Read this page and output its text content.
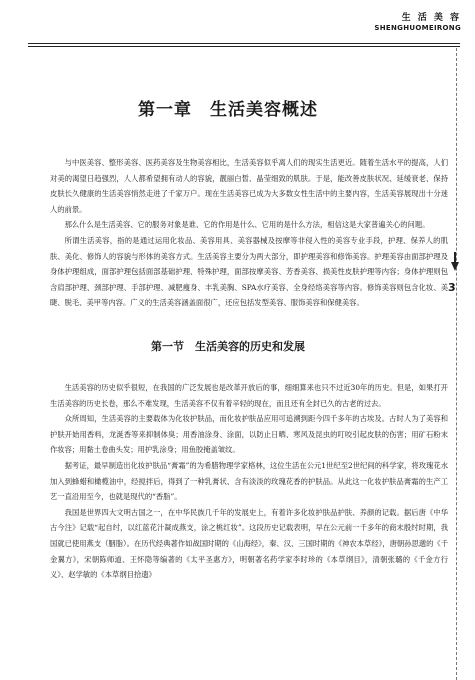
生 活 美 容
SHENGHUOMEIRONG
3
第一章　生活美容概述

与中医美容、整形美容、医药美容及生物美容相比，生活美容似乎离人们的现实生活更近。随着生活水平的提高，人们对美的渴望日趋强烈，人人都希望拥有动人的容貌，靓丽白皙、晶莹细致的肌肤。于是，能改善皮肤状况、延缓衰老、保持皮肤长久健康的生活美容悄然走进了千家万户。现在生活美容已成为大多数女性生活中的主要内容，生活美容展现出十分迷人的前景。

那么什么是生活美容、它的服务对象是谁、它的作用是什么、它用的是什么方法，相信这是大家普遍关心的问题。

所谓生活美容，指的是通过运用化妆品、美容用具、美容器械及按摩等非侵入性的美容专业手段，护理、保养人的肌肤、美化、修饰人的容貌与形体的美容方式。生活美容主要分为两大部分，即护理美容和修饰美容。护理美容由面部护理及身体护理组成，面部护理包括面部基础护理、特殊护理，面部按摩美容、芳香美容、损美性皮肤护理等内容；身体护理则包含肩部护理、颈部护理、手部护理、减肥瘦身、丰乳美胸、SPA水疗美容、全身经络美容等内容。修饰美容则包含化妆、美睫、脱毛、美甲等内容。广义的生活美容涵盖面很广，还应包括发型美容、服饰美容和保健美容。

第一节　生活美容的历史和发展

生活美容的历史似乎很短，在我国的广泛发展也是改革开放后的事，细细算来也只不过近30年的历史。但是，如果打开生活美容的历史长卷，那么不难发现，生活美容不仅有着辛轻的现在，而且还有全封已久的古老的过去。

众所周知，生活美容的主要载体为化妆护肤品，而化妆护肤品应用可追溯到距今四千多年的古埃及。古时人为了美容和护肤开始用香料，龙涎香等来抑制体臭；用香油涂身、涂面，以防止日晒、寒风及昆虫的叮咬引起皮肤的伤害；用矿石粉末作妆容；用黏土卷曲头发；用护乳涂身；用鱼胶掩盖皱纹。

据考证，最早制造出化妆护肤品“膏霜”的为希腊物理学家格林，这位生活在公元1世纪至2世纪间的科学家，将玫瑰花水加入到蜂蜡和橄榄油中，经搅拌后，得到了一种乳膏状、含有淡淡的玫瑰花香的护肤品。从此这一化妆护肤品膏霜的生产工艺一直沿用至今，也就是现代的“香脂”。

我国是世界四大文明古国之一，在中华民族几千年的发展史上，有着许多化妆护肤品护肤、养颜的记载。据后唐《中华古今注》记载“起自纣，以红蓝花汁凝成燕支，涂之桃红妆”。这段历史记载表明，早在公元前一千多年的商末殷纣时期，我国就已使用燕支（胭脂）。在历代经典著作如战国时期的《山海经》，秦、汉、三国时期的《神农本草经》，唐朝孙思邈的《千金翼方》，宋朝陈师道、王怀隐等编著的《太平圣惠方》，明朝著名药学家李时珍的《本草纲目》，清朝张璐的《千金方行义》、赵学敏的《本草纲目拾遗》
